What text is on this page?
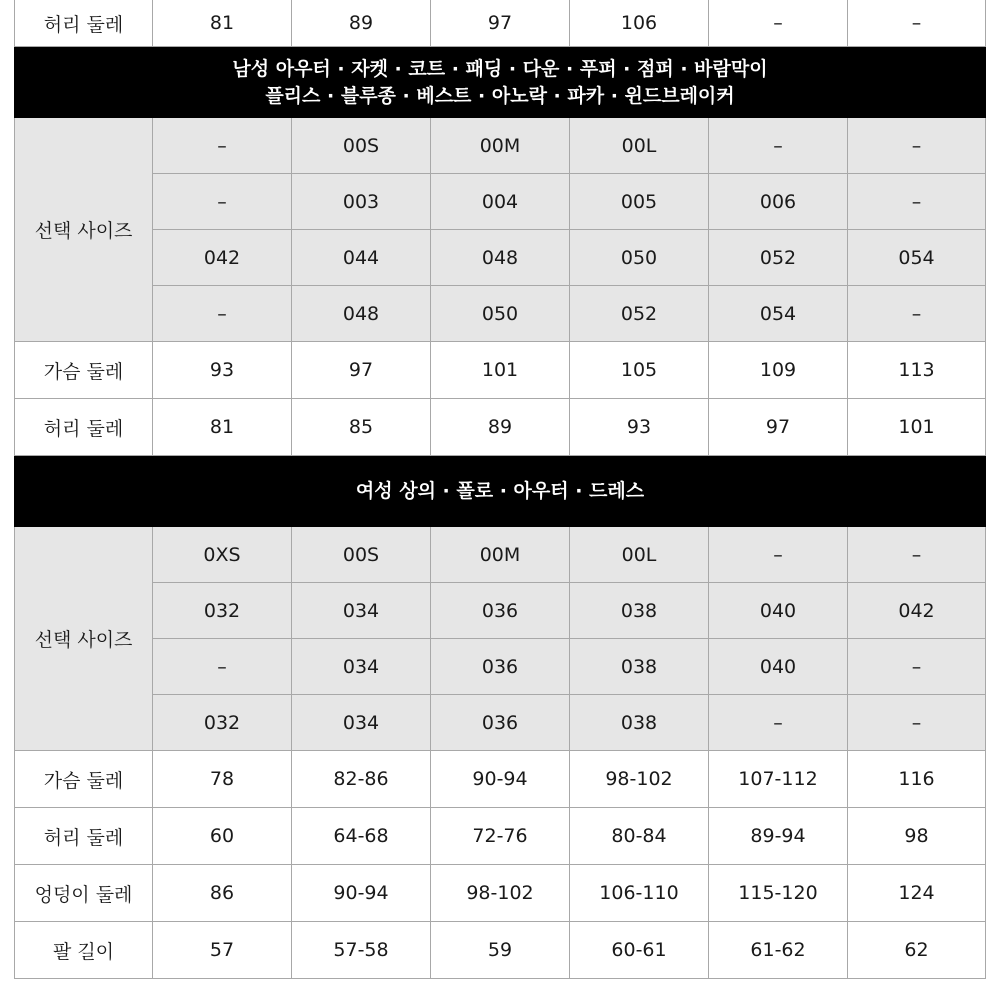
허리 둘레	81	89	97	106	–	–
남성 아우터 · 자켓 · 코트 · 패딩 · 다운 · 푸퍼 · 점퍼 · 바람막이
플리스 · 블루종 · 베스트 · 아노락 · 파카 · 윈드브레이커
선택 사이즈
–	00S	00M	00L	–	–
–	003	004	005	006	–
042	044	048	050	052	054
–	048	050	052	054	–
가슴 둘레	93	97	101	105	109	113
허리 둘레	81	85	89	93	97	101
여성 상의 · 폴로 · 아우터 · 드레스
선택 사이즈
0XS	00S	00M	00L	–	–
032	034	036	038	040	042
–	034	036	038	040	–
032	034	036	038	–	–
가슴 둘레	78	82-86	90-94	98-102	107-112	116
허리 둘레	60	64-68	72-76	80-84	89-94	98
엉덩이 둘레	86	90-94	98-102	106-110	115-120	124
팔 길이	57	57-58	59	60-61	61-62	62
